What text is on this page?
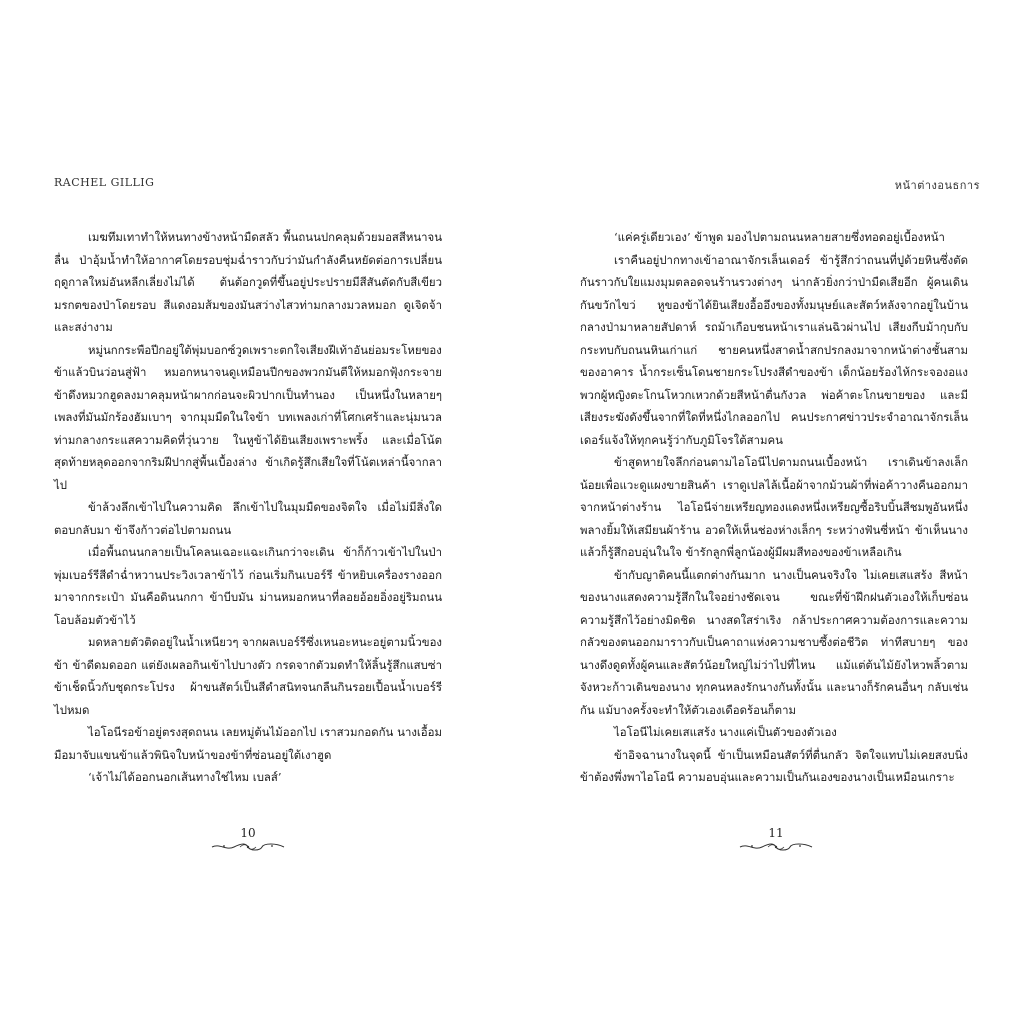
RACHEL GILLIG

เมฆทึมเทาทำให้หนทางข้างหน้ามืดสลัว พื้นถนนปกคลุมด้วยมอสสีหนาจนลื่น ป่าอุ้มน้ำทำให้อากาศโดยรอบชุ่มฉ่ำราวกับว่ามันกำลังคืนหยัดต่อการเปลี่ยนฤดูกาลใหม่อันหลีกเลี่ยงไม่ได้ ต้นต้อกวูดที่ขึ้นอยู่ประปรายมีสีสันตัดกับสีเขียวมรกตของป่าโดยรอบ สีแดงอมส้มของมันสว่างไสวท่ามกลางมวลหมอก ดูเจิดจ้าและสง่างาม

หมู่นกกระพือปีกอยู่ใต้พุ่มบอกซ์วูดเพราะตกใจเสียงฝีเท้าอันย่อมระโหยของข้าแล้วบินว่อนสู่ฟ้า หมอกหนาจนดูเหมือนปีกของพวกมันตีให้หมอกฟุ้งกระจาย ข้าดึงหมวกฮูดลงมาคลุมหน้าผากก่อนจะผิวปากเป็นทำนอง เป็นหนึ่งในหลายๆ เพลงที่มันมักร้องฮัมเบาๆ จากมุมมืดในใจข้า บทเพลงเก่าที่โศกเศร้าและนุ่มนวลท่ามกลางกระแสความคิดที่วุ่นวาย ในหูข้าได้ยินเสียงเพราะพริ้ง และเมื่อโน้ตสุดท้ายหลุดออกจากริมฝีปากสู่พื้นเบื้องล่าง ข้าเกิดรู้สึกเสียใจที่โน้ตเหล่านี้จากลาไป

ข้าล้วงลึกเข้าไปในความคิด ลึกเข้าไปในมุมมืดของจิตใจ เมื่อไม่มีสิ่งใดตอบกลับมา ข้าจึงก้าวต่อไปตามถนน

เมื่อพื้นถนนกลายเป็นโคลนเฉอะแฉะเกินกว่าจะเดิน ข้าก็ก้าวเข้าไปในป่าพุ่มเบอร์รีสีดำฉ่ำหวานประวิงเวลาข้าไว้ ก่อนเริ่มกินเบอร์รี ข้าหยิบเครื่องรางออกมาจากกระเป๋า มันคือดินนกกา ข้าบีบมัน ม่านหมอกหนาที่ลอยอ้อยอิ่งอยู่ริมถนนโอบล้อมตัวข้าไว้

มดหลายตัวติดอยู่ในน้ำเหนียวๆ จากผลเบอร์รีซึ่งเหนอะหนะอยู่ตามนิ้วของข้า ข้าดีดมดออก แต่ยังเผลอกินเข้าไปบางตัว กรดจากตัวมดทำให้ลิ้นรู้สึกแสบซ่า ข้าเช็ดนิ้วกับชุดกระโปรง ผ้าขนสัตว์เป็นสีดำสนิทจนกลืนกินรอยเปื้อนน้ำเบอร์รีไปหมด

ไอโอนีรอข้าอยู่ตรงสุดถนน เลยหมู่ต้นไม้ออกไป เราสวมกอดกัน นางเอื้อมมือมาจับแขนข้าแล้วพินิจใบหน้าของข้าที่ซ่อนอยู่ใต้เงาฮูด

‘เจ้าไม่ได้ออกนอกเส้นทางใช่ไหม เบลส์’

10
หน้าต่างอนธการ

‘แค่ครู่เดียวเอง’ ข้าพูด มองไปตามถนนหลายสายซึ่งทอดอยู่เบื้องหน้า

เราคืนอยู่ปากทางเข้าอาณาจักรเล็นเดอร์ ข้ารู้สึกว่าถนนที่ปูด้วยหินซึ่งตัดกันราวกับใยแมงมุมตลอดจนร้านรวงต่างๆ น่ากลัวยิ่งกว่าป่ามืดเสียอีก ผู้คนเดินกันขวักไขว่ หูของข้าได้ยินเสียงอื้ออึงของทั้งมนุษย์และสัตว์หลังจากอยู่ในบ้านกลางป่ามาหลายสัปดาห์ รถม้าเกือบชนหน้าเราแล่นฉิวผ่านไป เสียงกีบม้ากุบกับกระทบกับถนนหินเก่าแก่ ชายคนหนึ่งสาดน้ำสกปรกลงมาจากหน้าต่างชั้นสามของอาคาร น้ำกระเซ็นโดนชายกระโปรงสีดำของข้า เด็กน้อยร้องไห้กระจองอแง พวกผู้หญิงตะโกนโหวกเหวกด้วยสีหน้าตื่นกังวล พ่อค้าตะโกนขายของ และมีเสียงระฆังดังขึ้นจากที่ใดที่หนึ่งไกลออกไป คนประกาศข่าวประจำอาณาจักรเล็นเดอร์แจ้งให้ทุกคนรู้ว่ากับภูมิโจรใต้สามคน

ข้าสูดหายใจลึกก่อนตามไอโอนีไปตามถนนเบื้องหน้า เราเดินข้าลงเล็กน้อยเพื่อแวะดูแผงขายสินค้า เราดูเปลไล้เนื้อผ้าจากม้วนผ้าที่พ่อค้าวางคืนออกมาจากหน้าต่างร้าน ไอโอนีจ่ายเหรียญทองแดงหนึ่งเหรียญซื้อริบบิ้นสีชมพูอันหนึ่ง พลางยิ้มให้เสมียนผ้าร้าน อวดให้เห็นช่องห่างเล็กๆ ระหว่างฟันซี่หน้า ข้าเห็นนางแล้วก็รู้สึกอบอุ่นในใจ ข้ารักลูกพี่ลูกน้องผู้มีผมสีทองของข้าเหลือเกิน

ข้ากับญาติคนนี้แตกต่างกันมาก นางเป็นคนจริงใจ ไม่เคยเสแสร้ง สีหน้าของนางแสดงความรู้สึกในใจอย่างชัดเจน ขณะที่ข้าฝึกฝนตัวเองให้เก็บซ่อนความรู้สึกไว้อย่างมิดชิด นางสดใสร่าเริง กล้าประกาศความต้องการและความกลัวของตนออกมาราวกับเป็นคาถาแห่งความชาบซึ้งต่อชีวิต ท่าทีสบายๆ ของนางดึงดูดทั้งผู้คนและสัตว์น้อยใหญ่ไม่ว่าไปที่ไหน แม้แต่ต้นไม้ยังไหวพลิ้วตามจังหวะก้าวเดินของนาง ทุกคนหลงรักนางกันทั้งนั้น และนางก็รักคนอื่นๆ กลับเช่นกัน แม้บางครั้งจะทำให้ตัวเองเดือดร้อนก็ตาม

ไอโอนีไม่เคยเสแสร้ง นางแค่เป็นตัวของตัวเอง

ข้าอิจฉานางในจุดนี้ ข้าเป็นเหมือนสัตว์ที่ตื่นกลัว จิตใจแทบไม่เคยสงบนิ่ง ข้าต้องพึ่งพาไอโอนี ความอบอุ่นและความเป็นกันเองของนางเป็นเหมือนเกราะ

11
